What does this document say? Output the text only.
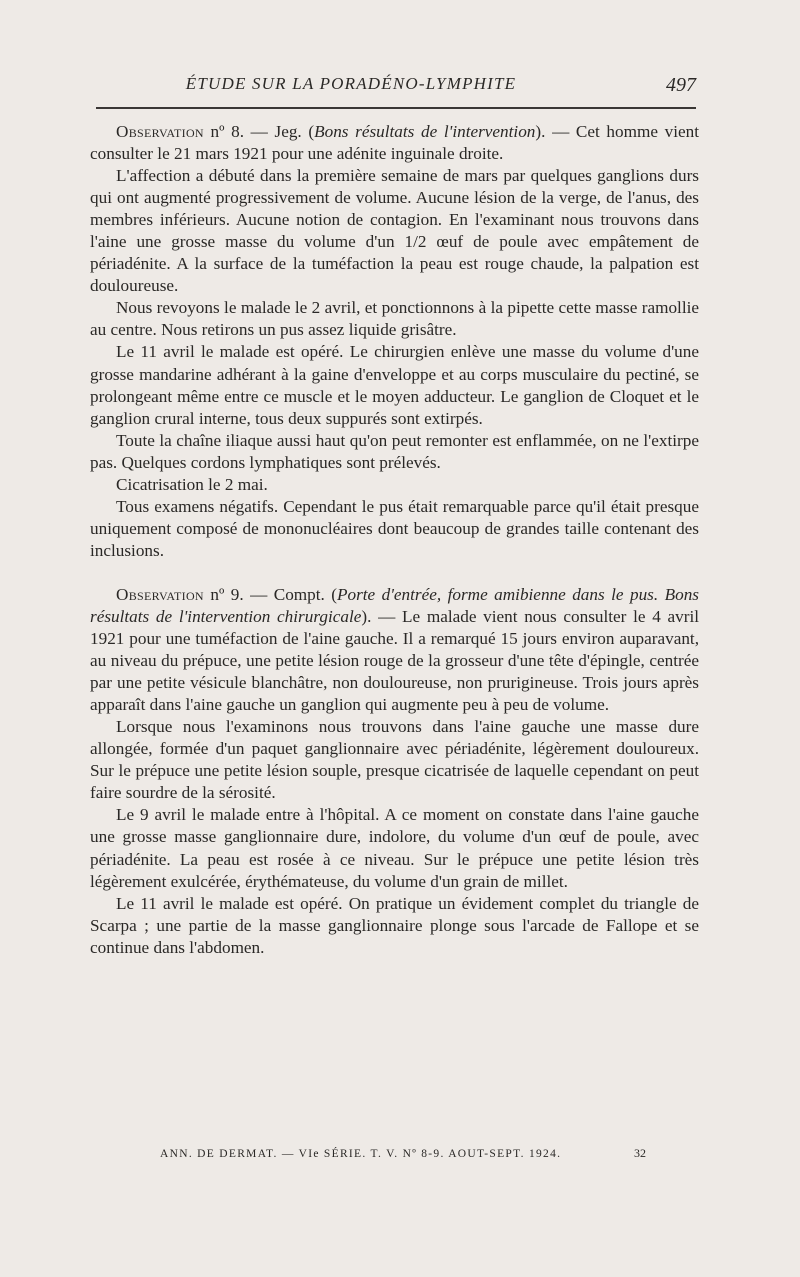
ÉTUDE SUR LA PORADÉNO-LYMPHITE	497

Observation nº 8. — Jeg. (Bons résultats de l'intervention). — Cet homme vient consulter le 21 mars 1921 pour une adénite inguinale droite.

L'affection a débuté dans la première semaine de mars par quelques ganglions durs qui ont augmenté progressivement de volume. Aucune lésion de la verge, de l'anus, des membres inférieurs. Aucune notion de contagion. En l'examinant nous trouvons dans l'aine une grosse masse du volume d'un 1/2 œuf de poule avec empâtement de périadénite. A la surface de la tuméfaction la peau est rouge chaude, la palpation est douloureuse.

Nous revoyons le malade le 2 avril, et ponctionnons à la pipette cette masse ramollie au centre. Nous retirons un pus assez liquide grisâtre.

Le 11 avril le malade est opéré. Le chirurgien enlève une masse du volume d'une grosse mandarine adhérant à la gaine d'enveloppe et au corps musculaire du pectiné, se prolongeant même entre ce muscle et le moyen adducteur. Le ganglion de Cloquet et le ganglion crural interne, tous deux suppurés sont extirpés.

Toute la chaîne iliaque aussi haut qu'on peut remonter est enflammée, on ne l'extirpe pas. Quelques cordons lymphatiques sont prélevés.

Cicatrisation le 2 mai.

Tous examens négatifs. Cependant le pus était remarquable parce qu'il était presque uniquement composé de mononucléaires dont beaucoup de grandes taille contenant des inclusions.

Observation nº 9. — Compt. (Porte d'entrée, forme amibienne dans le pus. Bons résultats de l'intervention chirurgicale). — Le malade vient nous consulter le 4 avril 1921 pour une tuméfaction de l'aine gauche. Il a remarqué 15 jours environ auparavant, au niveau du prépuce, une petite lésion rouge de la grosseur d'une tête d'épingle, centrée par une petite vésicule blanchâtre, non douloureuse, non prurigineuse. Trois jours après apparaît dans l'aine gauche un ganglion qui augmente peu à peu de volume.

Lorsque nous l'examinons nous trouvons dans l'aine gauche une masse dure allongée, formée d'un paquet ganglionnaire avec périadénite, légèrement douloureux. Sur le prépuce une petite lésion souple, presque cicatrisée de laquelle cependant on peut faire sourdre de la sérosité.

Le 9 avril le malade entre à l'hôpital. A ce moment on constate dans l'aine gauche une grosse masse ganglionnaire dure, indolore, du volume d'un œuf de poule, avec périadénite. La peau est rosée à ce niveau. Sur le prépuce une petite lésion très légèrement exulcérée, érythémateuse, du volume d'un grain de millet.

Le 11 avril le malade est opéré. On pratique un évidement complet du triangle de Scarpa ; une partie de la masse ganglionnaire plonge sous l'arcade de Fallope et se continue dans l'abdomen.

ANN. DE DERMAT. — VIe SÉRIE. T. V. Nº 8-9. AOUT-SEPT. 1924.	32
